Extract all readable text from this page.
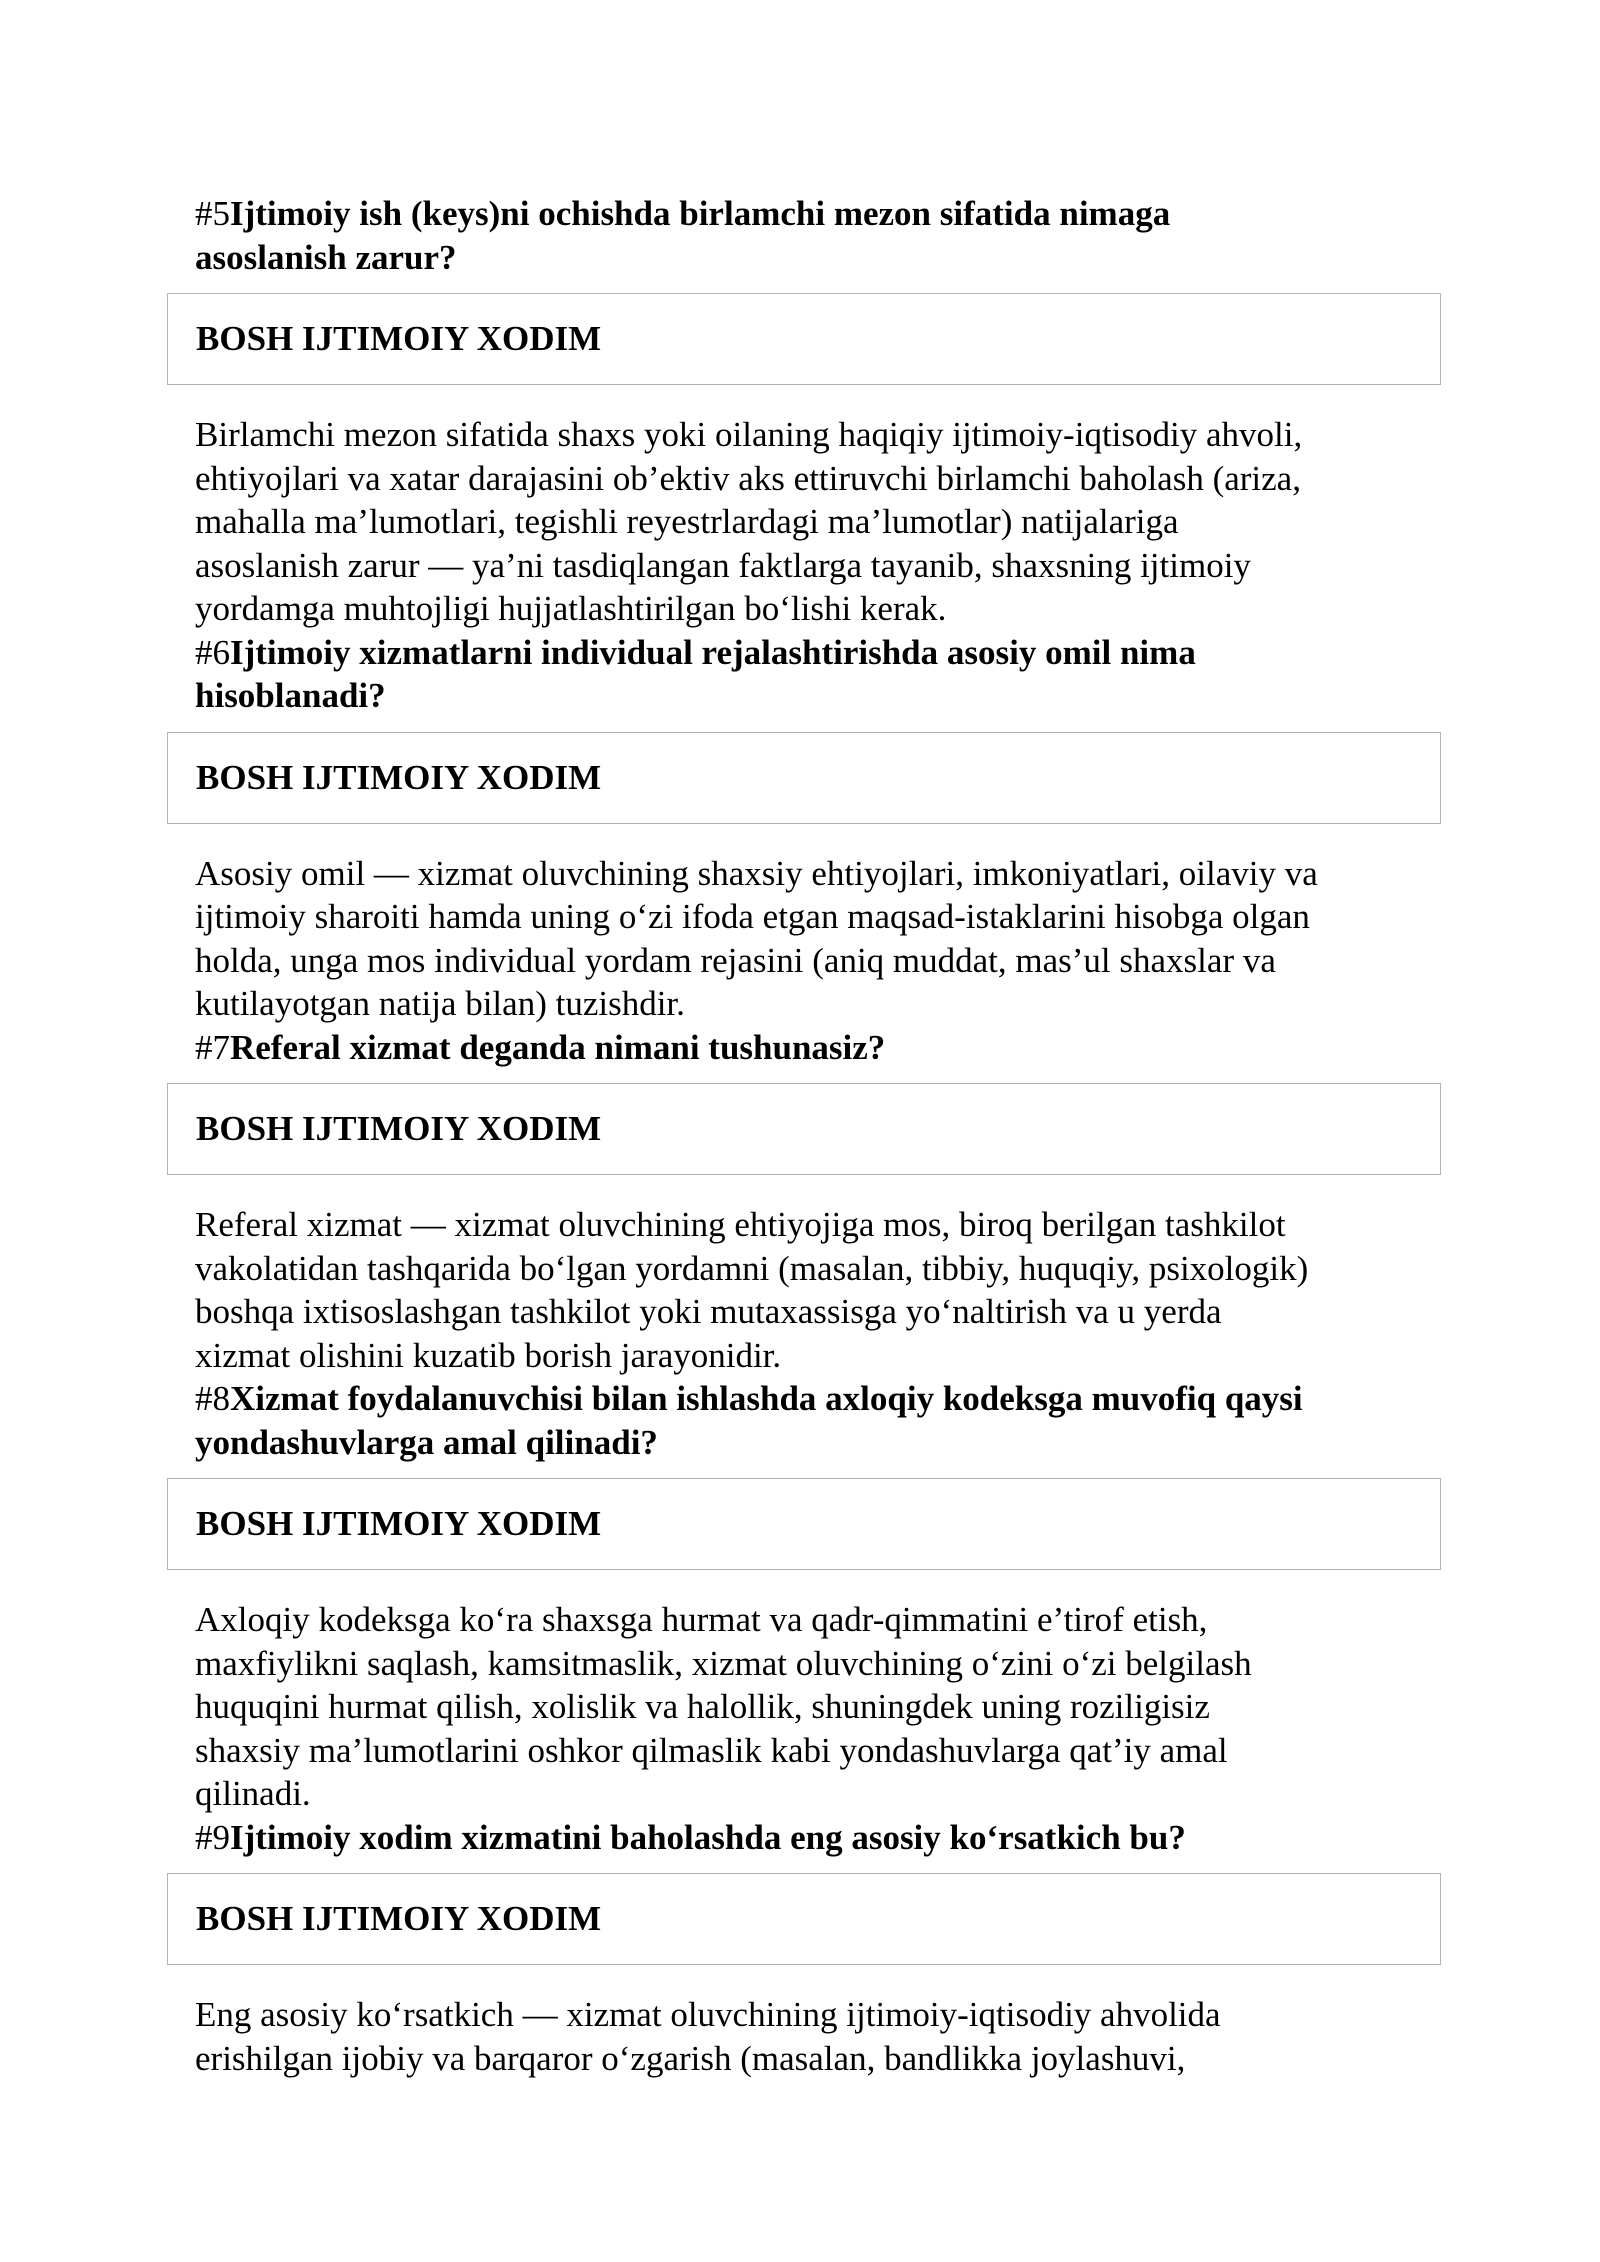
#5Ijtimoiy ish (keys)ni ochishda birlamchi mezon sifatida nimaga
asoslanish zarur?

BOSH IJTIMOIY XODIM

Birlamchi mezon sifatida shaxs yoki oilaning haqiqiy ijtimoiy-iqtisodiy ahvoli,
ehtiyojlari va xatar darajasini ob’ektiv aks ettiruvchi birlamchi baholash (ariza,
mahalla ma’lumotlari, tegishli reyestrlardagi ma’lumotlar) natijalariga
asoslanish zarur — ya’ni tasdiqlangan faktlarga tayanib, shaxsning ijtimoiy
yordamga muhtojligi hujjatlashtirilgan bo‘lishi kerak.

#6Ijtimoiy xizmatlarni individual rejalashtirishda asosiy omil nima
hisoblanadi?

BOSH IJTIMOIY XODIM

Asosiy omil — xizmat oluvchining shaxsiy ehtiyojlari, imkoniyatlari, oilaviy va
ijtimoiy sharoiti hamda uning o‘zi ifoda etgan maqsad-istaklarini hisobga olgan
holda, unga mos individual yordam rejasini (aniq muddat, mas’ul shaxslar va
kutilayotgan natija bilan) tuzishdir.

#7Referal xizmat deganda nimani tushunasiz?

BOSH IJTIMOIY XODIM

Referal xizmat — xizmat oluvchining ehtiyojiga mos, biroq berilgan tashkilot
vakolatidan tashqarida bo‘lgan yordamni (masalan, tibbiy, huquqiy, psixologik)
boshqa ixtisoslashgan tashkilot yoki mutaxassisga yo‘naltirish va u yerda
xizmat olishini kuzatib borish jarayonidir.

#8Xizmat foydalanuvchisi bilan ishlashda axloqiy kodeksga muvofiq qaysi
yondashuvlarga amal qilinadi?

BOSH IJTIMOIY XODIM

Axloqiy kodeksga ko‘ra shaxsga hurmat va qadr-qimmatini e’tirof etish,
maxfiylikni saqlash, kamsitmaslik, xizmat oluvchining o‘zini o‘zi belgilash
huquqini hurmat qilish, xolislik va halollik, shuningdek uning roziligisiz
shaxsiy ma’lumotlarini oshkor qilmaslik kabi yondashuvlarga qat’iy amal
qilinadi.

#9Ijtimoiy xodim xizmatini baholashda eng asosiy ko‘rsatkich bu?

BOSH IJTIMOIY XODIM

Eng asosiy ko‘rsatkich — xizmat oluvchining ijtimoiy-iqtisodiy ahvolida
erishilgan ijobiy va barqaror o‘zgarish (masalan, bandlikka joylashuvi,
